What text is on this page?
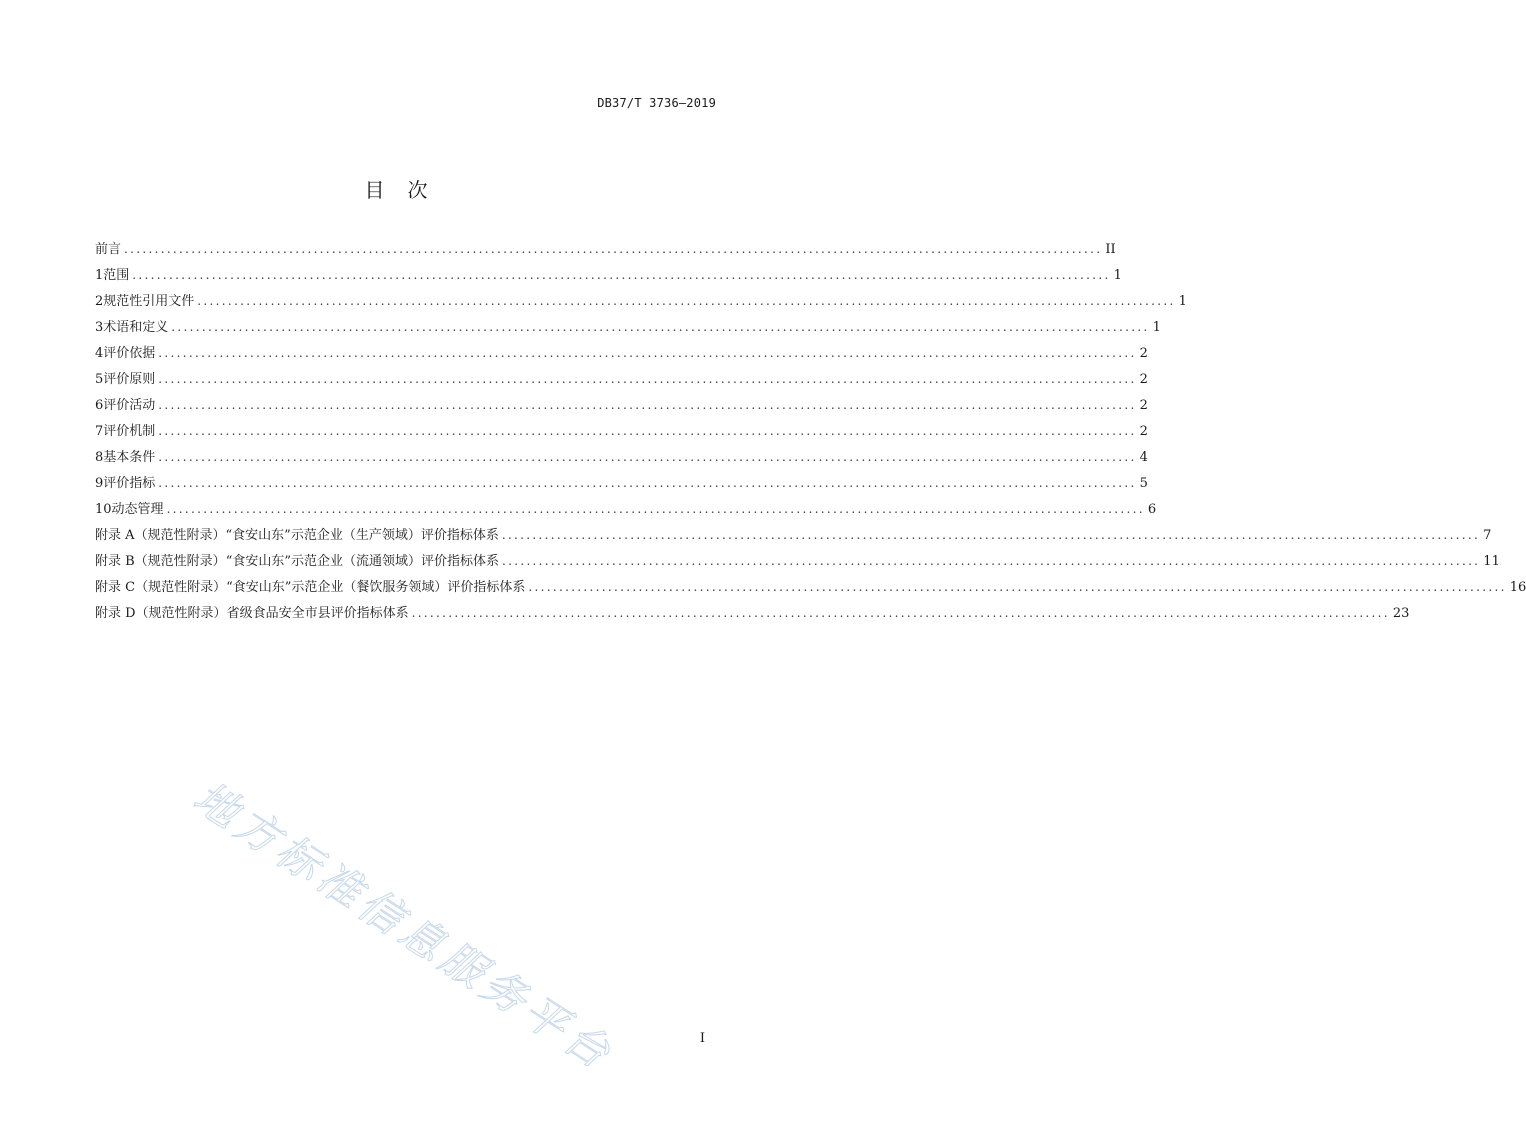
DB37/T 3736—2019
目 次
前言 ................................................................................................................................................................ II
1 范围 ................................................................................................................................................................ 1
2 规范性引用文件 ................................................................................................................................................................ 1
3 术语和定义 ................................................................................................................................................................ 1
4 评价依据 ................................................................................................................................................................ 2
5 评价原则 ................................................................................................................................................................ 2
6 评价活动 ................................................................................................................................................................ 2
7 评价机制 ................................................................................................................................................................ 2
8 基本条件 ................................................................................................................................................................ 4
9 评价指标 ................................................................................................................................................................ 5
10 动态管理 ................................................................................................................................................................ 6
附录 A（规范性附录） “食安山东”示范企业（生产领域）评价指标体系 ................................................................................................................................................................ 7
附录 B（规范性附录） “食安山东”示范企业（流通领域）评价指标体系 ................................................................................................................................................................ 11
附录 C（规范性附录） “食安山东”示范企业（餐饮服务领域）评价指标体系 ................................................................................................................................................................ 16
附录 D（规范性附录） 省级食品安全市县评价指标体系 ................................................................................................................................................................ 23
地方标准信息服务平台	I
